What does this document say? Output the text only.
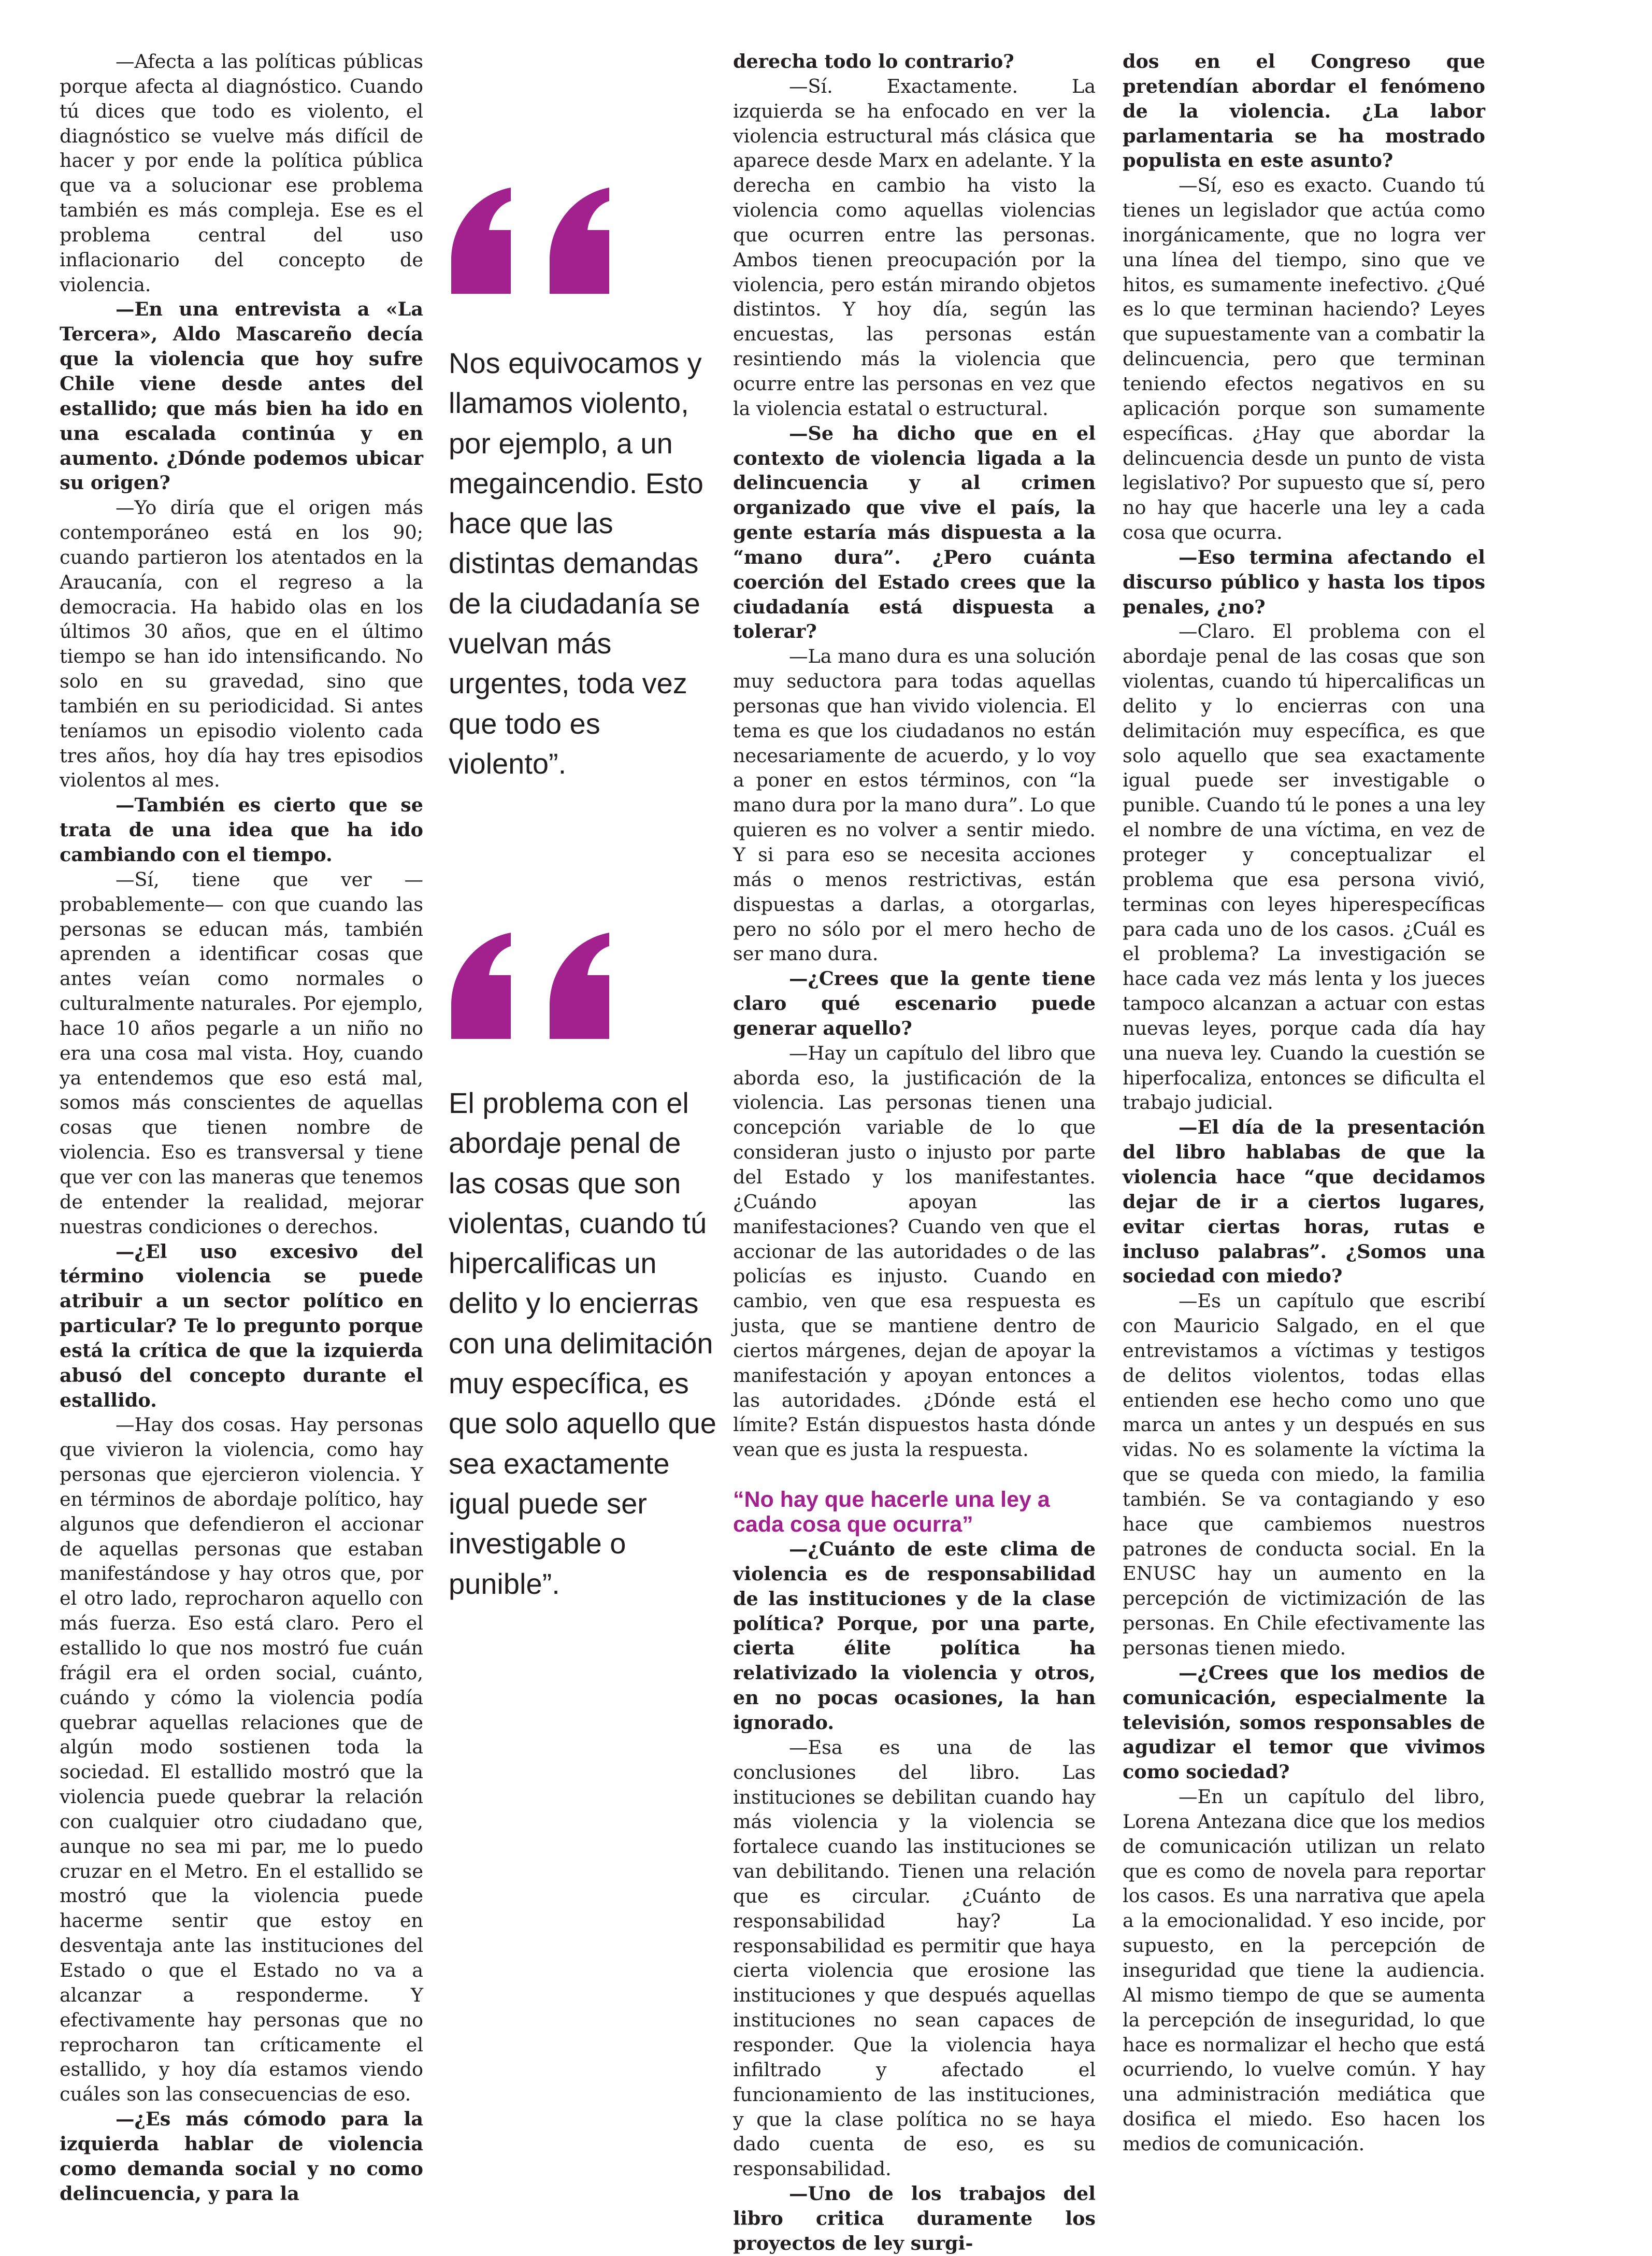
—Afecta a las políticas públicas porque afecta al diagnóstico. Cuando tú dices que todo es violento, el diagnóstico se vuelve más difícil de hacer y por ende la política pública que va a solucionar ese problema también es más compleja. Ese es el problema central del uso inflacionario del concepto de violencia.

—En una entrevista a «La Tercera», Aldo Mascareño decía que la violencia que hoy sufre Chile viene desde antes del estallido; que más bien ha ido en una escalada continúa y en aumento. ¿Dónde podemos ubicar su origen?

—Yo diría que el origen más contemporáneo está en los 90; cuando partieron los atentados en la Araucanía, con el regreso a la democracia. Ha habido olas en los últimos 30 años, que en el último tiempo se han ido intensificando. No solo en su gravedad, sino que también en su periodicidad. Si antes teníamos un episodio violento cada tres años, hoy día hay tres episodios violentos al mes.

—También es cierto que se trata de una idea que ha ido cambiando con el tiempo.

—Sí, tiene que ver —probablemente— con que cuando las personas se educan más, también aprenden a identificar cosas que antes veían como normales o culturalmente naturales. Por ejemplo, hace 10 años pegarle a un niño no era una cosa mal vista. Hoy, cuando ya entendemos que eso está mal, somos más conscientes de aquellas cosas que tienen nombre de violencia. Eso es transversal y tiene que ver con las maneras que tenemos de entender la realidad, mejorar nuestras condiciones o derechos.

—¿El uso excesivo del término violencia se puede atribuir a un sector político en particular? Te lo pregunto porque está la crítica de que la izquierda abusó del concepto durante el estallido.

—Hay dos cosas. Hay personas que vivieron la violencia, como hay personas que ejercieron violencia. Y en términos de abordaje político, hay algunos que defendieron el accionar de aquellas personas que estaban manifestándose y hay otros que, por el otro lado, reprocharon aquello con más fuerza. Eso está claro. Pero el estallido lo que nos mostró fue cuán frágil era el orden social, cuánto, cuándo y cómo la violencia podía quebrar aquellas relaciones que de algún modo sostienen toda la sociedad. El estallido mostró que la violencia puede quebrar la relación con cualquier otro ciudadano que, aunque no sea mi par, me lo puedo cruzar en el Metro. En el estallido se mostró que la violencia puede hacerme sentir que estoy en desventaja ante las instituciones del Estado o que el Estado no va a alcanzar a responderme. Y efectivamente hay personas que no reprocharon tan críticamente el estallido, y hoy día estamos viendo cuáles son las consecuencias de eso.

—¿Es más cómodo para la izquierda hablar de violencia como demanda social y no como delincuencia, y para la

Nos equivocamos y llamamos violento, por ejemplo, a un megaincendio. Esto hace que las distintas demandas de la ciudadanía se vuelvan más urgentes, toda vez que todo es violento”.

El problema con el abordaje penal de las cosas que son violentas, cuando tú hipercalificas un delito y lo encierras con una delimitación muy específica, es que solo aquello que sea exactamente igual puede ser investigable o punible”.

derecha todo lo contrario?

—Sí. Exactamente. La izquierda se ha enfocado en ver la violencia estructural más clásica que aparece desde Marx en adelante. Y la derecha en cambio ha visto la violencia como aquellas violencias que ocurren entre las personas. Ambos tienen preocupación por la violencia, pero están mirando objetos distintos. Y hoy día, según las encuestas, las personas están resintiendo más la violencia que ocurre entre las personas en vez que la violencia estatal o estructural.

—Se ha dicho que en el contexto de violencia ligada a la delincuencia y al crimen organizado que vive el país, la gente estaría más dispuesta a la “mano dura”. ¿Pero cuánta coerción del Estado crees que la ciudadanía está dispuesta a tolerar?

—La mano dura es una solución muy seductora para todas aquellas personas que han vivido violencia. El tema es que los ciudadanos no están necesariamente de acuerdo, y lo voy a poner en estos términos, con “la mano dura por la mano dura”. Lo que quieren es no volver a sentir miedo. Y si para eso se necesita acciones más o menos restrictivas, están dispuestas a darlas, a otorgarlas, pero no sólo por el mero hecho de ser mano dura.

—¿Crees que la gente tiene claro qué escenario puede generar aquello?

—Hay un capítulo del libro que aborda eso, la justificación de la violencia. Las personas tienen una concepción variable de lo que consideran justo o injusto por parte del Estado y los manifestantes. ¿Cuándo apoyan las manifestaciones? Cuando ven que el accionar de las autoridades o de las policías es injusto. Cuando en cambio, ven que esa respuesta es justa, que se mantiene dentro de ciertos márgenes, dejan de apoyar la manifestación y apoyan entonces a las autoridades. ¿Dónde está el límite? Están dispuestos hasta dónde vean que es justa la respuesta.

“No hay que hacerle una ley a cada cosa que ocurra”

—¿Cuánto de este clima de violencia es de responsabilidad de las instituciones y de la clase política? Porque, por una parte, cierta élite política ha relativizado la violencia y otros, en no pocas ocasiones, la han ignorado.

—Esa es una de las conclusiones del libro. Las instituciones se debilitan cuando hay más violencia y la violencia se fortalece cuando las instituciones se van debilitando. Tienen una relación que es circular. ¿Cuánto de responsabilidad hay? La responsabilidad es permitir que haya cierta violencia que erosione las instituciones y que después aquellas instituciones no sean capaces de responder. Que la violencia haya infiltrado y afectado el funcionamiento de las instituciones, y que la clase política no se haya dado cuenta de eso, es su responsabilidad.

—Uno de los trabajos del libro critica duramente los proyectos de ley surgi-

dos en el Congreso que pretendían abordar el fenómeno de la violencia. ¿La labor parlamentaria se ha mostrado populista en este asunto?

—Sí, eso es exacto. Cuando tú tienes un legislador que actúa como inorgánicamente, que no logra ver una línea del tiempo, sino que ve hitos, es sumamente inefectivo. ¿Qué es lo que terminan haciendo? Leyes que supuestamente van a combatir la delincuencia, pero que terminan teniendo efectos negativos en su aplicación porque son sumamente específicas. ¿Hay que abordar la delincuencia desde un punto de vista legislativo? Por supuesto que sí, pero no hay que hacerle una ley a cada cosa que ocurra.

—Eso termina afectando el discurso público y hasta los tipos penales, ¿no?

—Claro. El problema con el abordaje penal de las cosas que son violentas, cuando tú hipercalificas un delito y lo encierras con una delimitación muy específica, es que solo aquello que sea exactamente igual puede ser investigable o punible. Cuando tú le pones a una ley el nombre de una víctima, en vez de proteger y conceptualizar el problema que esa persona vivió, terminas con leyes hiperespecíficas para cada uno de los casos. ¿Cuál es el problema? La investigación se hace cada vez más lenta y los jueces tampoco alcanzan a actuar con estas nuevas leyes, porque cada día hay una nueva ley. Cuando la cuestión se hiperfocaliza, entonces se dificulta el trabajo judicial.

—El día de la presentación del libro hablabas de que la violencia hace “que decidamos dejar de ir a ciertos lugares, evitar ciertas horas, rutas e incluso palabras”. ¿Somos una sociedad con miedo?

—Es un capítulo que escribí con Mauricio Salgado, en el que entrevistamos a víctimas y testigos de delitos violentos, todas ellas entienden ese hecho como uno que marca un antes y un después en sus vidas. No es solamente la víctima la que se queda con miedo, la familia también. Se va contagiando y eso hace que cambiemos nuestros patrones de conducta social. En la ENUSC hay un aumento en la percepción de victimización de las personas. En Chile efectivamente las personas tienen miedo.

—¿Crees que los medios de comunicación, especialmente la televisión, somos responsables de agudizar el temor que vivimos como sociedad?

—En un capítulo del libro, Lorena Antezana dice que los medios de comunicación utilizan un relato que es como de novela para reportar los casos. Es una narrativa que apela a la emocionalidad. Y eso incide, por supuesto, en la percepción de inseguridad que tiene la audiencia. Al mismo tiempo de que se aumenta la percepción de inseguridad, lo que hace es normalizar el hecho que está ocurriendo, lo vuelve común. Y hay una administración mediática que dosifica el miedo. Eso hacen los medios de comunicación.
